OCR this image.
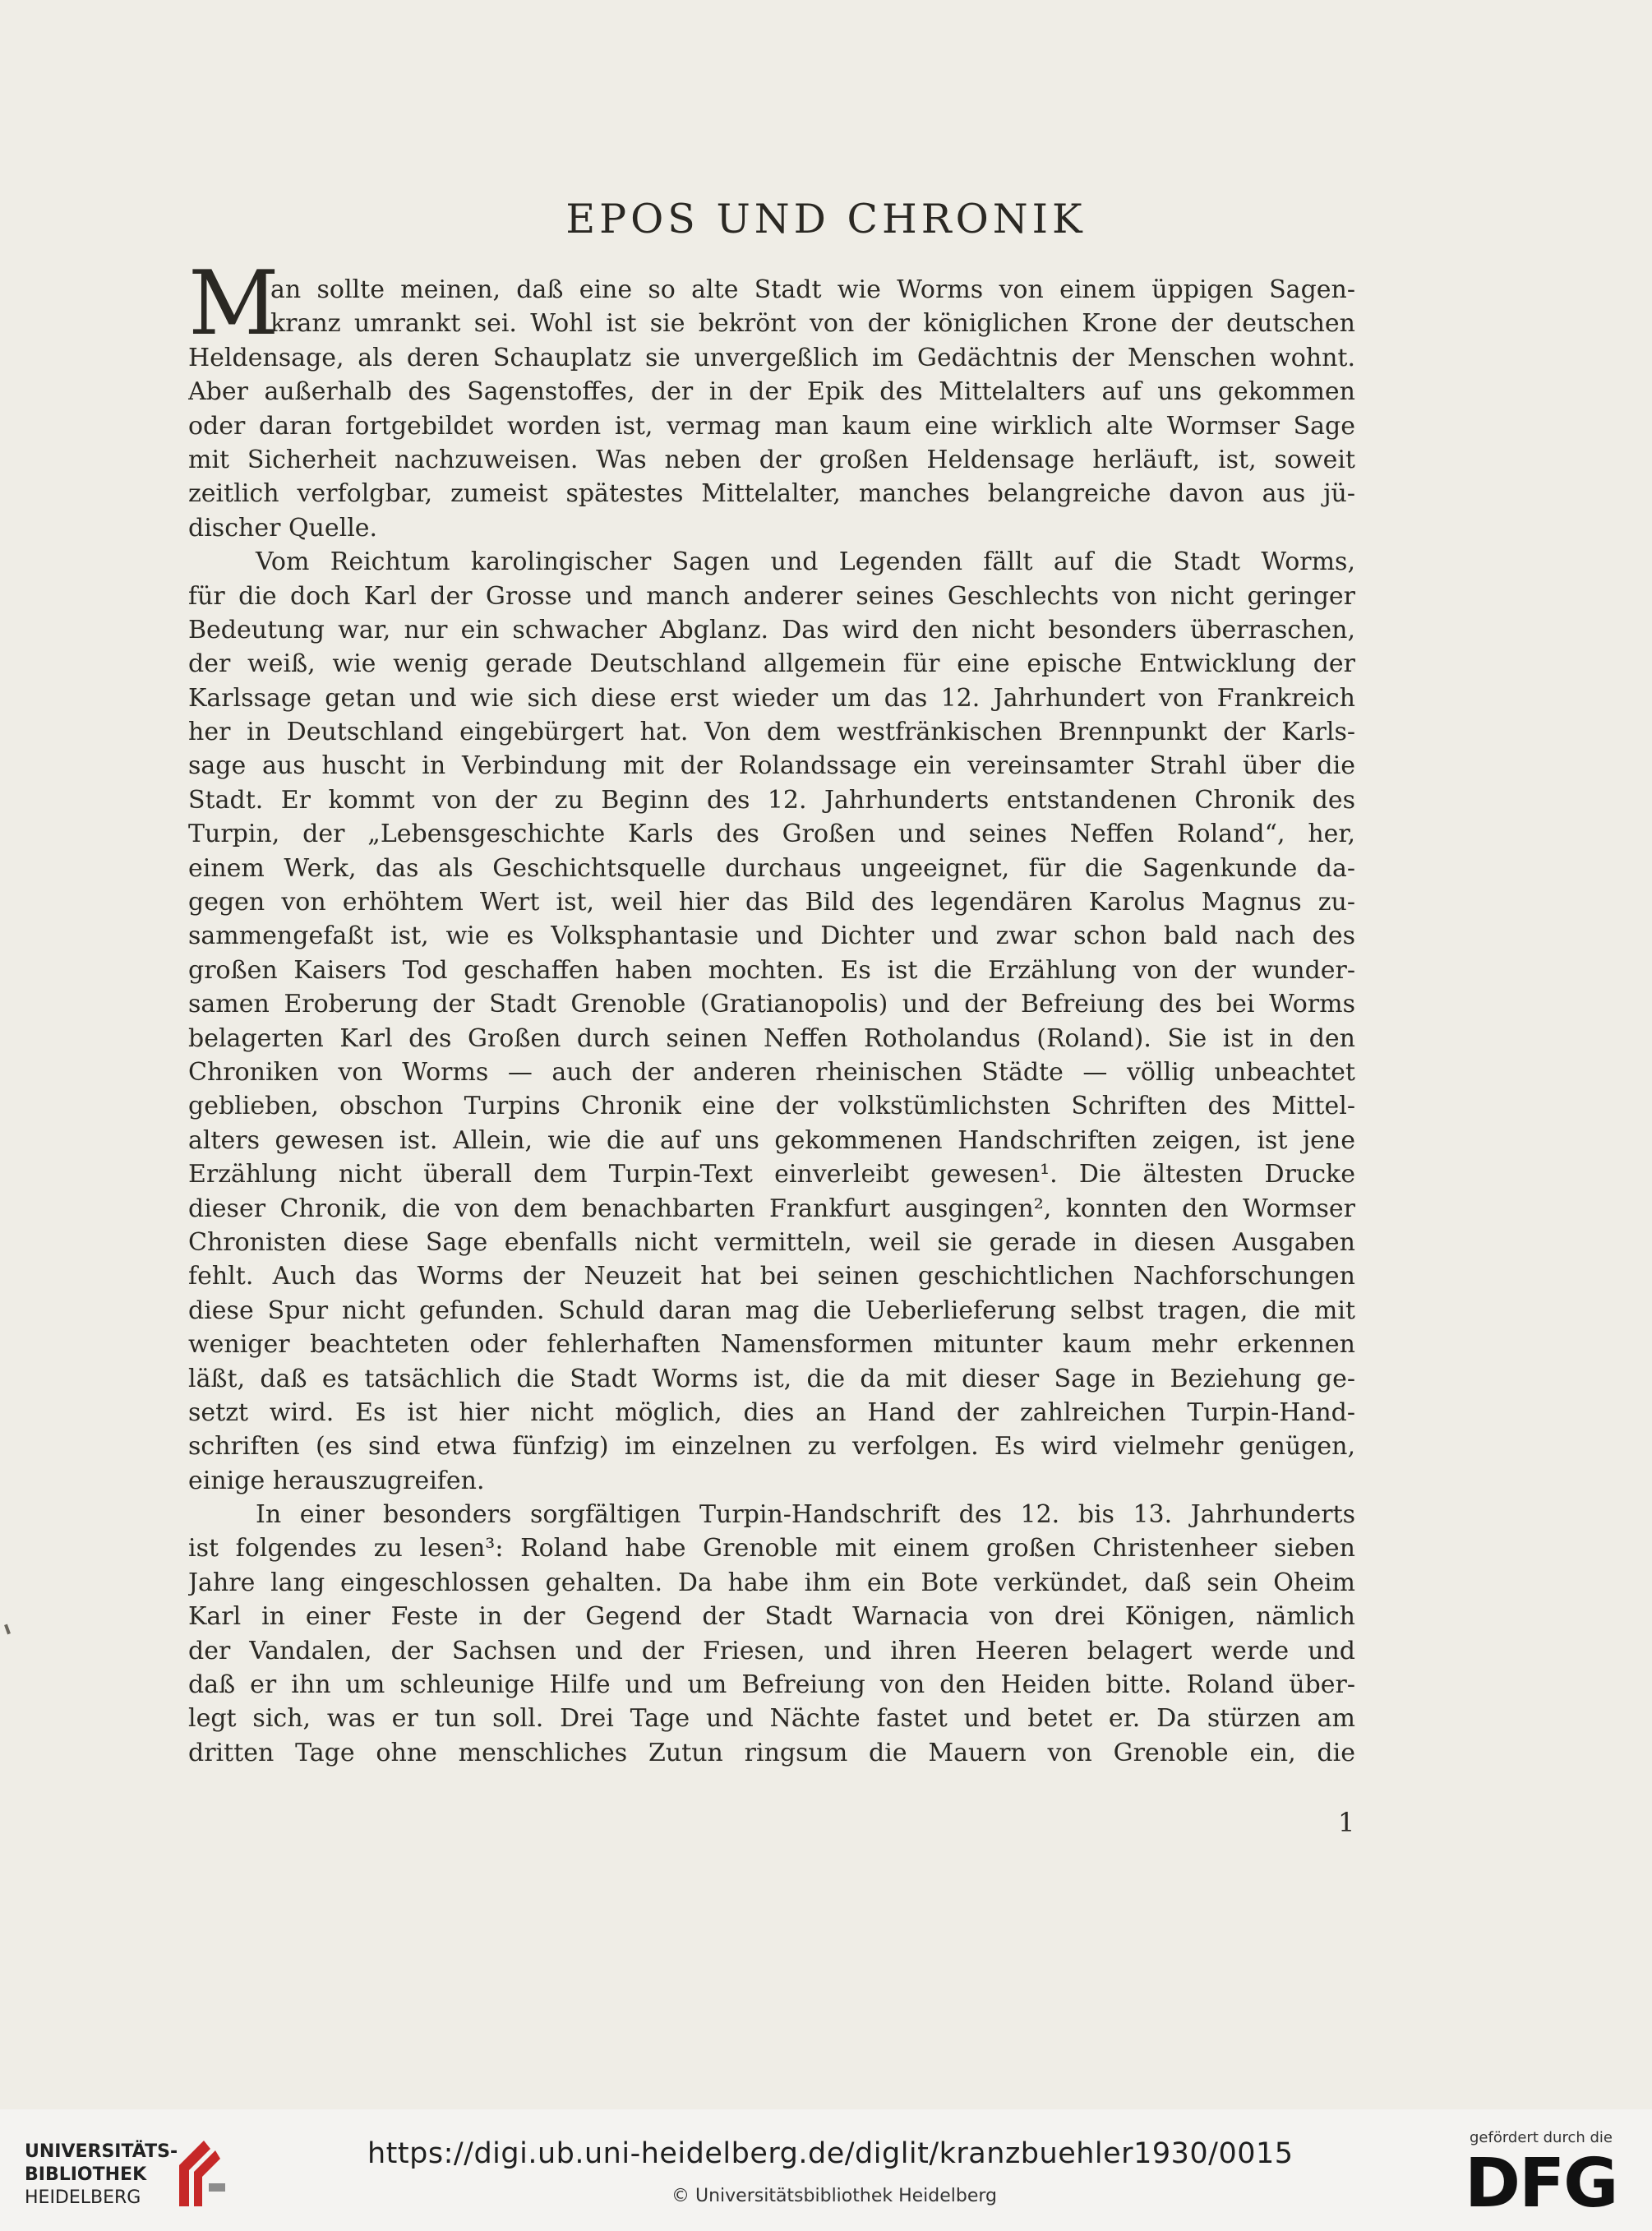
EPOS UND CHRONIK
M
an sollte meinen, daß eine so alte Stadt wie Worms von einem üppigen Sagen-
kranz umrankt sei. Wohl ist sie bekrönt von der königlichen Krone der deutschen
Heldensage, als deren Schauplatz sie unvergeßlich im Gedächtnis der Menschen wohnt.
Aber außerhalb des Sagenstoffes, der in der Epik des Mittelalters auf uns gekommen
oder daran fortgebildet worden ist, vermag man kaum eine wirklich alte Wormser Sage
mit Sicherheit nachzuweisen. Was neben der großen Heldensage herläuft, ist, soweit
zeitlich verfolgbar, zumeist spätestes Mittelalter, manches belangreiche davon aus jü-
discher Quelle.
Vom Reichtum karolingischer Sagen und Legenden fällt auf die Stadt Worms,
für die doch Karl der Grosse und manch anderer seines Geschlechts von nicht geringer
Bedeutung war, nur ein schwacher Abglanz. Das wird den nicht besonders überraschen,
der weiß, wie wenig gerade Deutschland allgemein für eine epische Entwicklung der
Karlssage getan und wie sich diese erst wieder um das 12. Jahrhundert von Frankreich
her in Deutschland eingebürgert hat. Von dem westfränkischen Brennpunkt der Karls-
sage aus huscht in Verbindung mit der Rolandssage ein vereinsamter Strahl über die
Stadt. Er kommt von der zu Beginn des 12. Jahrhunderts entstandenen Chronik des
Turpin, der „Lebensgeschichte Karls des Großen und seines Neffen Roland“, her,
einem Werk, das als Geschichtsquelle durchaus ungeeignet, für die Sagenkunde da-
gegen von erhöhtem Wert ist, weil hier das Bild des legendären Karolus Magnus zu-
sammengefaßt ist, wie es Volksphantasie und Dichter und zwar schon bald nach des
großen Kaisers Tod geschaffen haben mochten. Es ist die Erzählung von der wunder-
samen Eroberung der Stadt Grenoble (Gratianopolis) und der Befreiung des bei Worms
belagerten Karl des Großen durch seinen Neffen Rotholandus (Roland). Sie ist in den
Chroniken von Worms — auch der anderen rheinischen Städte — völlig unbeachtet
geblieben, obschon Turpins Chronik eine der volkstümlichsten Schriften des Mittel-
alters gewesen ist. Allein, wie die auf uns gekommenen Handschriften zeigen, ist jene
Erzählung nicht überall dem Turpin-Text einverleibt gewesen¹. Die ältesten Drucke
dieser Chronik, die von dem benachbarten Frankfurt ausgingen², konnten den Wormser
Chronisten diese Sage ebenfalls nicht vermitteln, weil sie gerade in diesen Ausgaben
fehlt. Auch das Worms der Neuzeit hat bei seinen geschichtlichen Nachforschungen
diese Spur nicht gefunden. Schuld daran mag die Ueberlieferung selbst tragen, die mit
weniger beachteten oder fehlerhaften Namensformen mitunter kaum mehr erkennen
läßt, daß es tatsächlich die Stadt Worms ist, die da mit dieser Sage in Beziehung ge-
setzt wird. Es ist hier nicht möglich, dies an Hand der zahlreichen Turpin-Hand-
schriften (es sind etwa fünfzig) im einzelnen zu verfolgen. Es wird vielmehr genügen,
einige herauszugreifen.
In einer besonders sorgfältigen Turpin-Handschrift des 12. bis 13. Jahrhunderts
ist folgendes zu lesen³: Roland habe Grenoble mit einem großen Christenheer sieben
Jahre lang eingeschlossen gehalten. Da habe ihm ein Bote verkündet, daß sein Oheim
Karl in einer Feste in der Gegend der Stadt Warnacia von drei Königen, nämlich
der Vandalen, der Sachsen und der Friesen, und ihren Heeren belagert werde und
daß er ihn um schleunige Hilfe und um Befreiung von den Heiden bitte. Roland über-
legt sich, was er tun soll. Drei Tage und Nächte fastet und betet er. Da stürzen am
dritten Tage ohne menschliches Zutun ringsum die Mauern von Grenoble ein, die
1
UNIVERSITÄTS-
BIBLIOTHEK
HEIDELBERG
https://digi.ub.uni-heidelberg.de/diglit/kranzbuehler1930/0015
© Universitätsbibliothek Heidelberg
gefördert durch die
DFG
